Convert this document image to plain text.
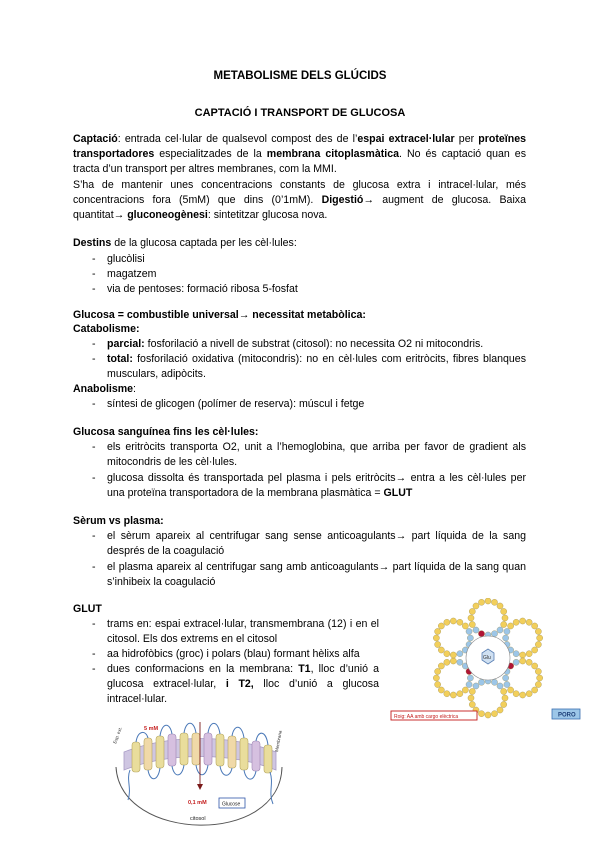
METABOLISME DELS GLÚCIDS
CAPTACIÓ I TRANSPORT DE GLUCOSA
Captació: entrada cel·lular de qualsevol compost des de l’espai extracel·lular per proteïnes transportadores especialitzades de la membrana citoplasmàtica. No és captació quan es tracta d’un transport per altres membranes, com la MMI.
S’ha de mantenir unes concentracions constants de glucosa extra i intracel·lular, més concentracions fora (5mM) que dins (0’1mM). Digestió→ augment de glucosa. Baixa quantitat→ gluconeogènesi: sintetitzar glucosa nova.
Destins de la glucosa captada per les cèl·lules:
- glucòlisi
- magatzem
- via de pentoses: formació ribosa 5-fosfat
Glucosa = combustible universal→ necessitat metabòlica:
Catabolisme:
- parcial: fosforilació a nivell de substrat (citosol): no necessita O2 ni mitocondris.
- total: fosforilació oxidativa (mitocondris): no en cèl·lules com eritròcits, fibres blanques musculars, adipòcits.
Anabolisme:
- síntesi de glicogen (polímer de reserva): múscul i fetge
Glucosa sanguínea fins les cèl·lules:
- els eritròcits transporta O2, unit a l’hemoglobina, que arriba per favor de gradient als mitocondris de les cèl·lules.
- glucosa dissolta és transportada pel plasma i pels eritròcits→ entra a les cèl·lules per una proteïna transportadora de la membrana plasmàtica = GLUT
Sèrum vs plasma:
- el sèrum apareix al centrifugar sang sense anticoagulants→ part líquida de la sang després de la coagulació
- el plasma apareix al centrifugar sang amb anticoagulants→ part líquida de la sang quan s’inhibeix la coagulació
GLUT
- trams en: espai extracel·lular, transmembrana (12) i en el citosol. Els dos extrems en el citosol
- aa hidrofòbics (groc) i polars (blau) formant hèlixs alfa
- dues conformacions en la membrana: T1, lloc d’unió a glucosa extracel·lular, i T2, lloc d’unió a glucosa intracel·lular.
Esp. ext.	Membrana
5 mM
0,1 mM	Glucose
citosol
Glu
Roig: AA amb cargo elèctrica	PORO
